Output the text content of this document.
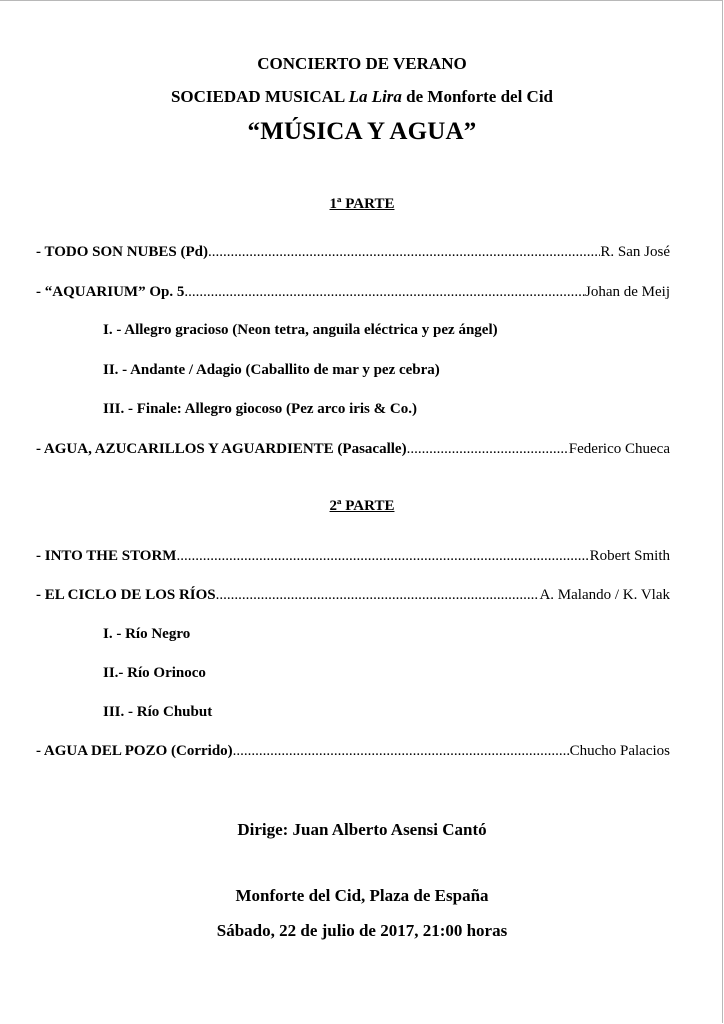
CONCIERTO DE VERANO
SOCIEDAD MUSICAL La Lira de Monforte del Cid
“MÚSICA Y AGUA”
1ª PARTE
- TODO SON NUBES (Pd) .....	R. San José
- “AQUARIUM” Op. 5 .....	Johan de Meij
I. - Allegro gracioso (Neon tetra, anguila eléctrica y pez ángel)
II. - Andante / Adagio (Caballito de mar y pez cebra)
III. - Finale: Allegro giocoso (Pez arco iris & Co.)
- AGUA, AZUCARILLOS Y AGUARDIENTE (Pasacalle) .....	Federico Chueca
2ª PARTE
- INTO THE STORM .....	Robert Smith
- EL CICLO DE LOS RÍOS .....	A. Malando / K. Vlak
I. - Río Negro
II.- Río Orinoco
III. - Río Chubut
- AGUA DEL POZO (Corrido) .....	Chucho Palacios
Dirige: Juan Alberto Asensi Cantó
Monforte del Cid, Plaza de España
Sábado, 22 de julio de 2017, 21:00 horas
